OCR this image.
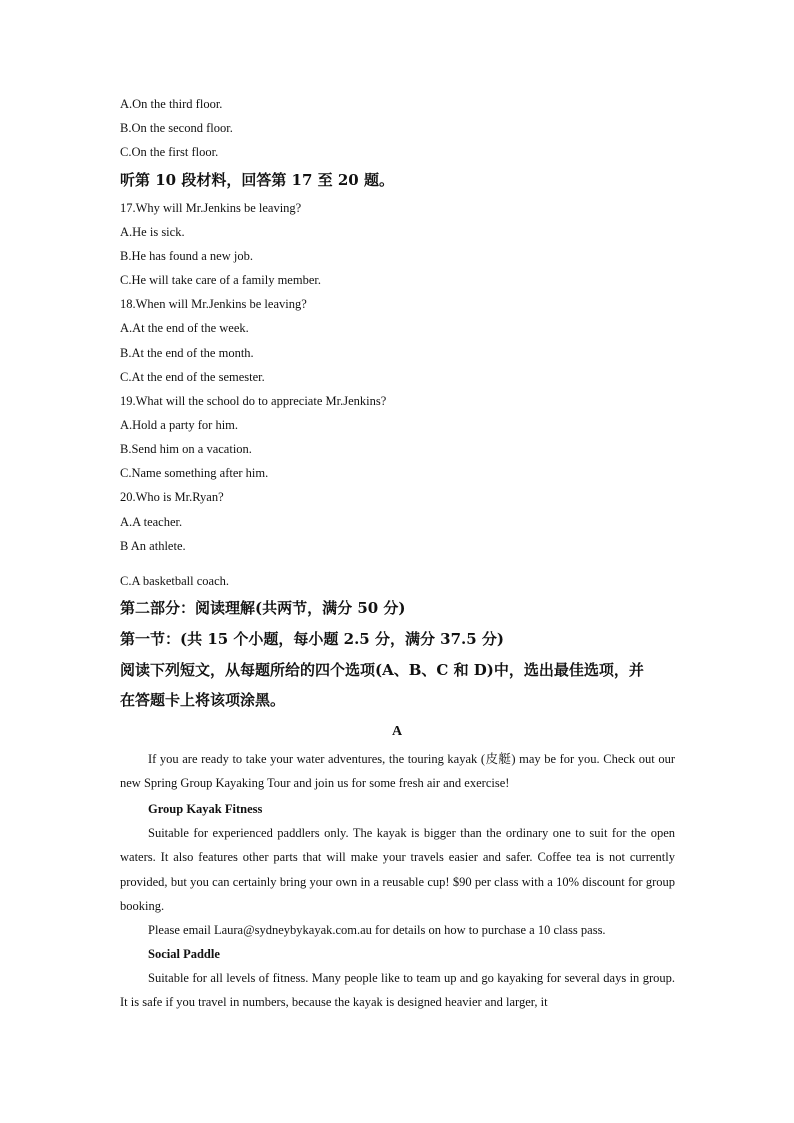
A.On the third floor.
B.On the second floor.
C.On the first floor.
听第 10 段材料，回答第 17 至 20 题。
17.Why will Mr.Jenkins be leaving?
A.He is sick.
B.He has found a new job.
C.He will take care of a family member.
18.When will Mr.Jenkins be leaving?
A.At the end of the week.
B.At the end of the month.
C.At the end of the semester.
19.What will the school do to appreciate Mr.Jenkins?
A.Hold a party for him.
B.Send him on a vacation.
C.Name something after him.
20.Who is Mr.Ryan?
A.A teacher.
B An athlete.
C.A basketball coach.
第二部分：阅读理解(共两节，满分 50 分)
第一节：(共 15 个小题，每小题 2.5 分，满分 37.5 分)
阅读下列短文，从每题所给的四个选项(A、B、C 和 D)中，选出最佳选项，并
在答题卡上将该项涂黑。
A
If you are ready to take your water adventures, the touring kayak (皮艇) may be for you. Check out our new Spring Group Kayaking Tour and join us for some fresh air and exercise!
Group Kayak Fitness
Suitable for experienced paddlers only. The kayak is bigger than the ordinary one to suit for the open waters. It also features other parts that will make your travels easier and safer. Coffee tea is not currently provided, but you can certainly bring your own in a reusable cup! $90 per class with a 10% discount for group booking.
Please email Laura@sydneybykayak.com.au for details on how to purchase a 10 class pass.
Social Paddle
Suitable for all levels of fitness. Many people like to team up and go kayaking for several days in group. It is safe if you travel in numbers, because the kayak is designed heavier and larger, it
